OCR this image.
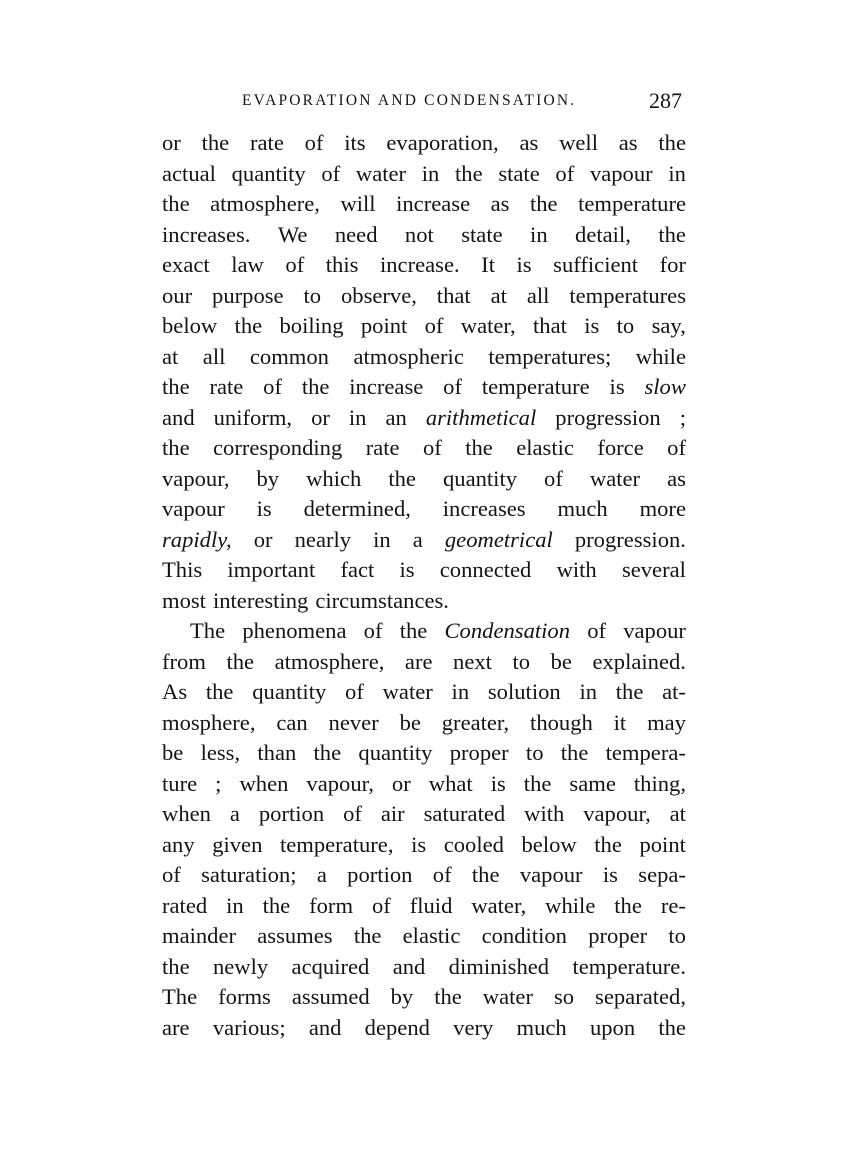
EVAPORATION AND CONDENSATION.	287
or the rate of its evaporation, as well as the
actual quantity of water in the state of vapour in
the atmosphere, will increase as the temperature
increases. We need not state in detail, the
exact law of this increase. It is sufficient for
our purpose to observe, that at all temperatures
below the boiling point of water, that is to say,
at all common atmospheric temperatures; while
the rate of the increase of temperature is slow
and uniform, or in an arithmetical progression ;
the corresponding rate of the elastic force of
vapour, by which the quantity of water as
vapour is determined, increases much more
rapidly, or nearly in a geometrical progression.
This important fact is connected with several
most interesting circumstances.
The phenomena of the Condensation of vapour
from the atmosphere, are next to be explained.
As the quantity of water in solution in the at-
mosphere, can never be greater, though it may
be less, than the quantity proper to the tempera-
ture ; when vapour, or what is the same thing,
when a portion of air saturated with vapour, at
any given temperature, is cooled below the point
of saturation; a portion of the vapour is sepa-
rated in the form of fluid water, while the re-
mainder assumes the elastic condition proper to
the newly acquired and diminished temperature.
The forms assumed by the water so separated,
are various; and depend very much upon the
